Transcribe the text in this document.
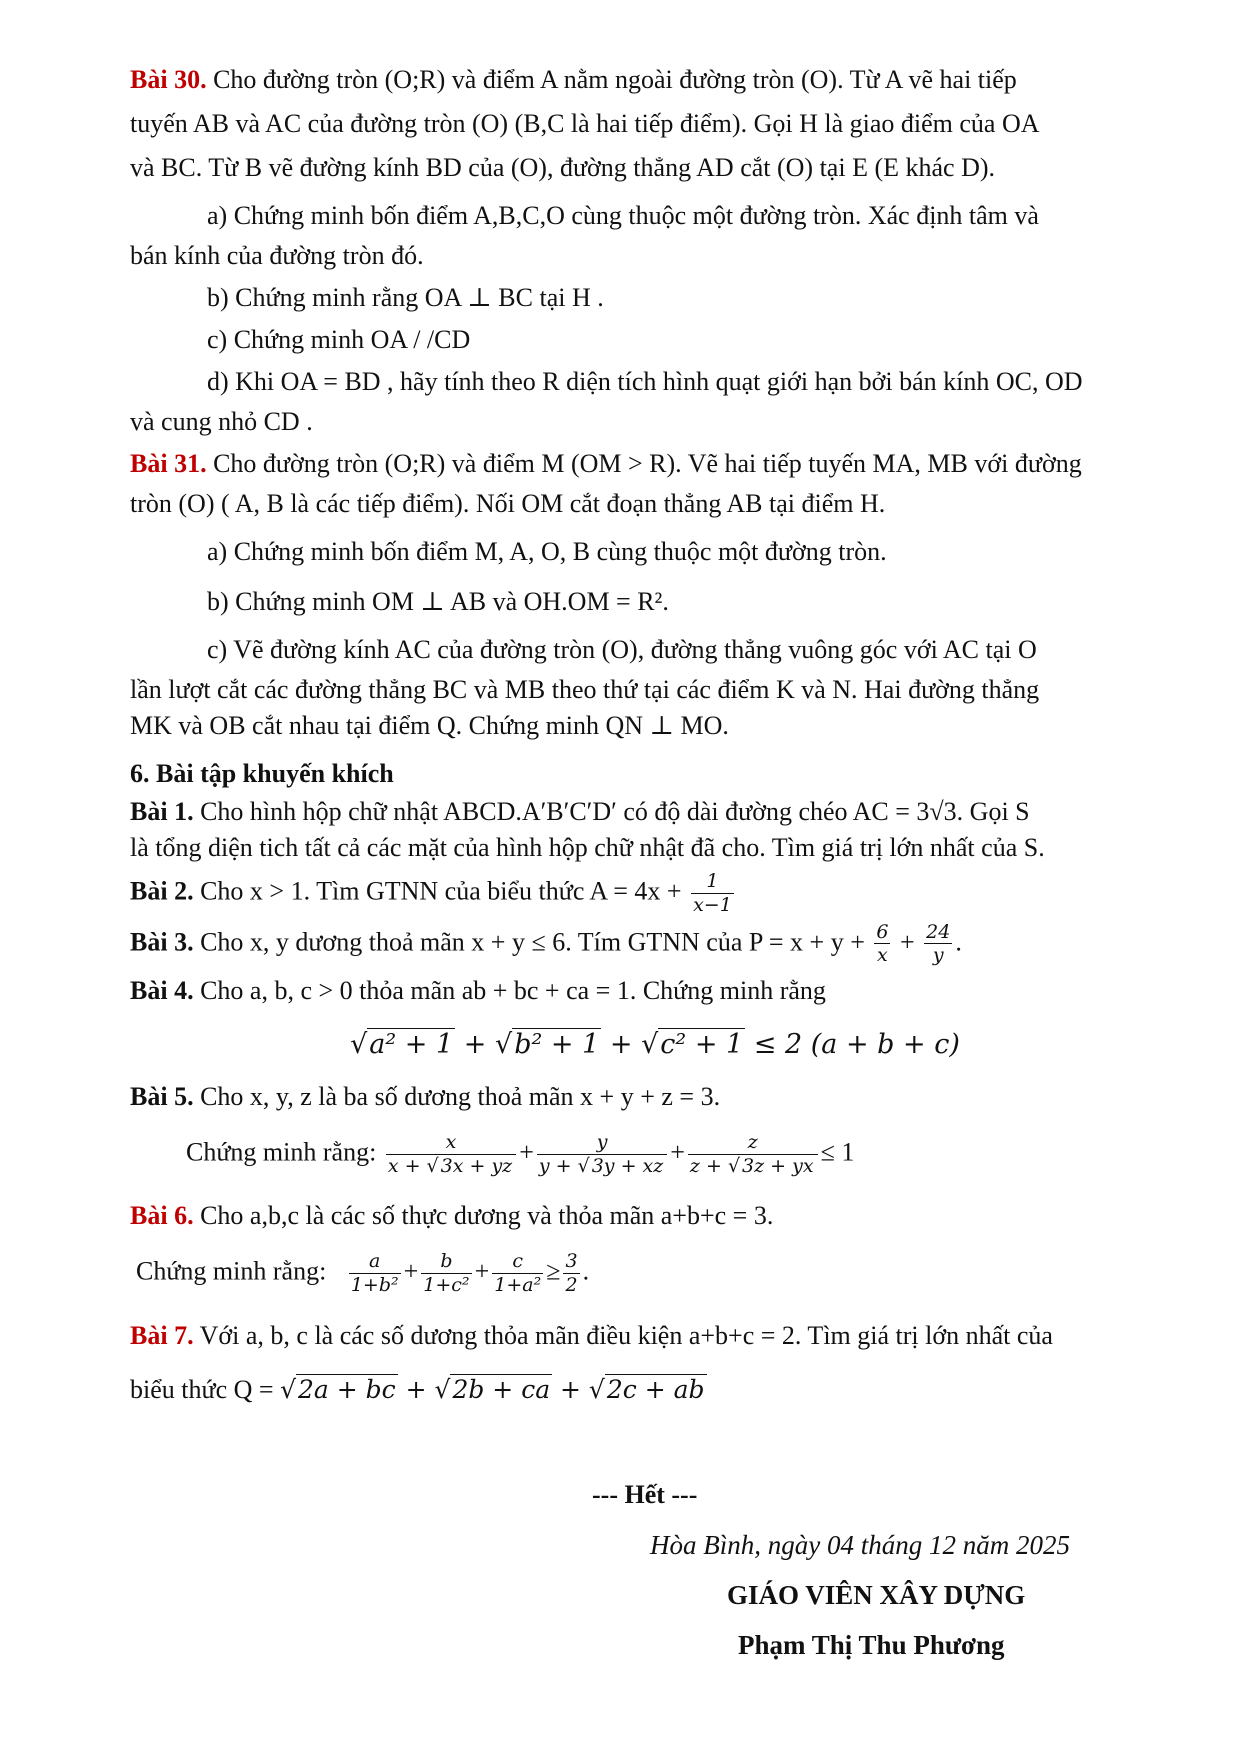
Bài 30. Cho đường tròn (O;R) và điểm A nằm ngoài đường tròn (O). Từ A vẽ hai tiếp

tuyến AB và AC của đường tròn (O) (B,C là hai tiếp điểm). Gọi H là giao điểm của OA

và BC. Từ B vẽ đường kính BD của (O), đường thẳng AD cắt (O) tại E (E khác D).

a) Chứng minh bốn điểm A,B,C,O cùng thuộc một đường tròn. Xác định tâm và

bán kính của đường tròn đó.

b) Chứng minh rằng OA ⊥ BC tại H .

c) Chứng minh OA / /CD

d) Khi OA = BD , hãy tính theo R diện tích hình quạt giới hạn bởi bán kính OC, OD

và cung nhỏ CD .

Bài 31. Cho đường tròn (O;R) và điểm M (OM > R). Vẽ hai tiếp tuyến MA, MB với đường

tròn (O) ( A, B là các tiếp điểm). Nối OM cắt đoạn thẳng AB tại điểm H.

a) Chứng minh bốn điểm M, A, O, B cùng thuộc một đường tròn.

b) Chứng minh OM ⊥ AB và OH.OM = R².

c) Vẽ đường kính AC của đường tròn (O), đường thẳng vuông góc với AC tại O

lần lượt cắt các đường thẳng BC và MB theo thứ tại các điểm K và N. Hai đường thẳng

MK và OB cắt nhau tại điểm Q. Chứng minh QN ⊥ MO.

6. Bài tập khuyến khích

Bài 1. Cho hình hộp chữ nhật ABCD.A′B′C′D′ có độ dài đường chéo AC = 3√3. Gọi S

là tổng diện tich tất cả các mặt của hình hộp chữ nhật đã cho. Tìm giá trị lớn nhất của S.

Bài 2. Cho x > 1. Tìm GTNN của biểu thức $A = 4x + \frac{1}{x-1}$

Bài 3. Cho x, y dương thoả mãn x + y ≤ 6. Tím GTNN của $P = x + y + \frac{6}{x} + \frac{24}{y}$ .

Bài 4. Cho a, b, c > 0 thỏa mãn ab + bc + ca = 1. Chứng minh rằng

√a² + 1 + √b² + 1 + √c² + 1 ≤ 2 (a + b + c)

Bài 5. Cho x, y, z là ba số dương thoả mãn x + y + z = 3.

Chứng minh rằng: $\frac{x}{x + √ 3x + yz} + \frac{y}{y + √ 3y + xz} + \frac{z}{z + √ 3z + yx} \le 1$

Bài 6. Cho a,b,c là các số thực dương và thỏa mãn a+b+c = 3.

Chứng minh rằng: $\frac{a}{\text{1+b²}} + \frac{b}{\text{1+c²}} + \frac{c}{\text{1+a²}} \ge \frac{3}{2}$ .

Bài 7. Với a, b, c là các số dương thỏa mãn điều kiện a+b+c = 2. Tìm giá trị lớn nhất của

biểu thức Q = √2a + bc + √2b + ca + √2c + ab

--- Hết ---
Hòa Bình, ngày 04 tháng 12 năm 2025
GIÁO VIÊN XÂY DỰNG
Phạm Thị Thu Phương
